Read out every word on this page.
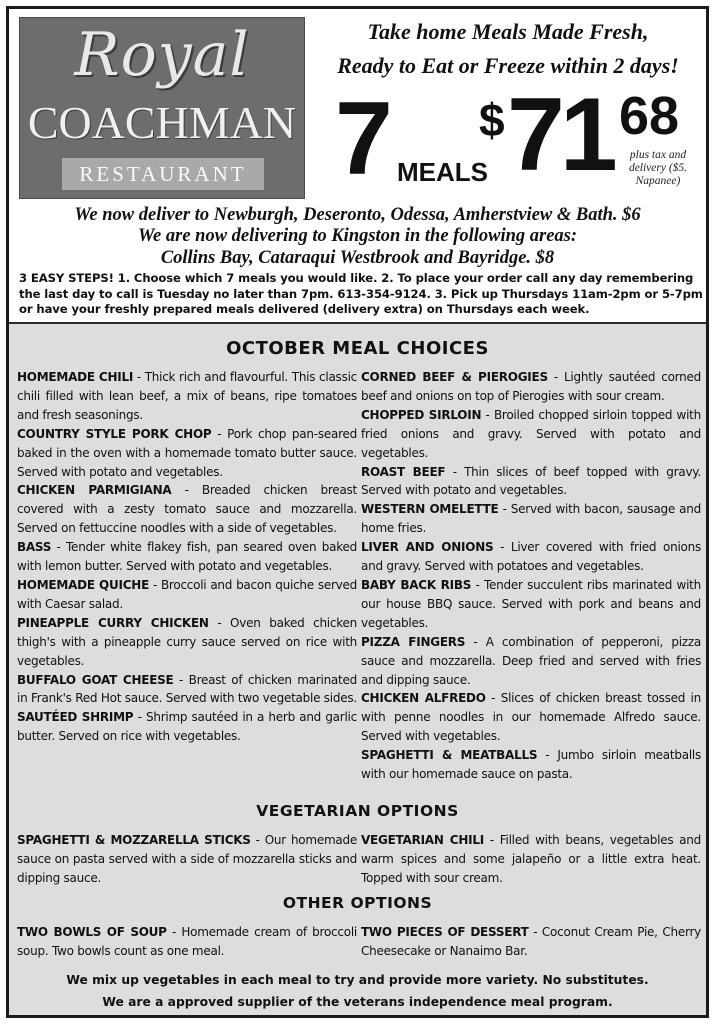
Royal
COACHMAN
RESTAURANT
Take home Meals Made Fresh,
Ready to Eat or Freeze within 2 days!
7 MEALS
$ 71 68
plus tax and delivery ($5. Napanee)
We now deliver to Newburgh, Deseronto, Odessa, Amherstview & Bath. $6
We are now delivering to Kingston in the following areas:
Collins Bay, Cataraqui Westbrook and Bayridge. $8
3 EASY STEPS! 1. Choose which 7 meals you would like. 2. To place your order call any day remembering the last day to call is Tuesday no later than 7pm. 613-354-9124. 3. Pick up Thursdays 11am-2pm or 5-7pm or have your freshly prepared meals delivered (delivery extra) on Thursdays each week.
OCTOBER MEAL CHOICES

HOMEMADE CHILI - Thick rich and flavourful. This classic chili filled with lean beef, a mix of beans, ripe tomatoes and fresh seasonings.

COUNTRY STYLE PORK CHOP - Pork chop pan-seared baked in the oven with a homemade tomato butter sauce. Served with potato and vegetables.

CHICKEN PARMIGIANA - Breaded chicken breast covered with a zesty tomato sauce and mozzarella. Served on fettuccine noodles with a side of vegetables.

BASS - Tender white flakey fish, pan seared oven baked with lemon butter. Served with potato and vegetables.

HOMEMADE QUICHE - Broccoli and bacon quiche served with Caesar salad.

PINEAPPLE CURRY CHICKEN - Oven baked chicken thigh's with a pineapple curry sauce served on rice with vegetables.

BUFFALO GOAT CHEESE - Breast of chicken marinated in Frank's Red Hot sauce. Served with two vegetable sides.

SAUTÉED SHRIMP - Shrimp sautéed in a herb and garlic butter. Served on rice with vegetables.

CORNED BEEF & PIEROGIES - Lightly sautéed corned beef and onions on top of Pierogies with sour cream.

CHOPPED SIRLOIN - Broiled chopped sirloin topped with fried onions and gravy. Served with potato and vegetables.

ROAST BEEF - Thin slices of beef topped with gravy. Served with potato and vegetables.

WESTERN OMELETTE - Served with bacon, sausage and home fries.

LIVER AND ONIONS - Liver covered with fried onions and gravy. Served with potatoes and vegetables.

BABY BACK RIBS - Tender succulent ribs marinated with our house BBQ sauce. Served with pork and beans and vegetables.

PIZZA FINGERS - A combination of pepperoni, pizza sauce and mozzarella. Deep fried and served with fries and dipping sauce.

CHICKEN ALFREDO - Slices of chicken breast tossed in with penne noodles in our homemade Alfredo sauce. Served with vegetables.

SPAGHETTI & MEATBALLS - Jumbo sirloin meatballs with our homemade sauce on pasta.

VEGETARIAN OPTIONS

SPAGHETTI & MOZZARELLA STICKS - Our homemade sauce on pasta served with a side of mozzarella sticks and dipping sauce.

VEGETARIAN CHILI - Filled with beans, vegetables and warm spices and some jalapeño or a little extra heat. Topped with sour cream.

OTHER OPTIONS

TWO BOWLS OF SOUP - Homemade cream of broccoli soup. Two bowls count as one meal.

TWO PIECES OF DESSERT - Coconut Cream Pie, Cherry Cheesecake or Nanaimo Bar.

We mix up vegetables in each meal to try and provide more variety. No substitutes.
We are a approved supplier of the veterans independence meal program.
